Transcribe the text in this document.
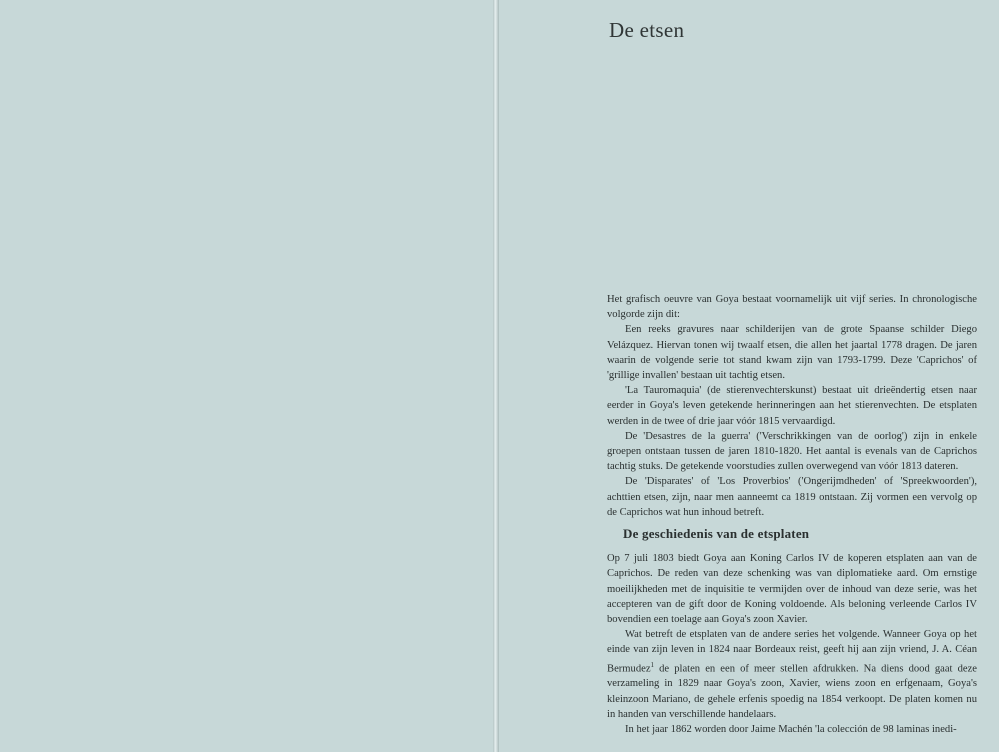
De etsen

Het grafisch oeuvre van Goya bestaat voornamelijk uit vijf series. In chronologische volgorde zijn dit:

Een reeks gravures naar schilderijen van de grote Spaanse schilder Diego Velázquez. Hiervan tonen wij twaalf etsen, die allen het jaartal 1778 dragen. De jaren waarin de volgende serie tot stand kwam zijn van 1793-1799. Deze 'Caprichos' of 'grillige invallen' bestaan uit tachtig etsen.

'La Tauromaquia' (de stierenvechterskunst) bestaat uit drieëndertig etsen naar eerder in Goya's leven getekende herinneringen aan het stierenvechten. De etsplaten werden in de twee of drie jaar vóór 1815 vervaardigd.

De 'Desastres de la guerra' ('Verschrikkingen van de oorlog') zijn in enkele groepen ontstaan tussen de jaren 1810-1820. Het aantal is evenals van de Caprichos tachtig stuks. De getekende voorstudies zullen overwegend van vóór 1813 dateren.

De 'Disparates' of 'Los Proverbios' ('Ongerijmdheden' of 'Spreekwoorden'), achttien etsen, zijn, naar men aanneemt ca 1819 ontstaan. Zij vormen een vervolg op de Caprichos wat hun inhoud betreft.

De geschiedenis van de etsplaten

Op 7 juli 1803 biedt Goya aan Koning Carlos IV de koperen etsplaten aan van de Caprichos. De reden van deze schenking was van diplomatieke aard. Om ernstige moeilijkheden met de inquisitie te vermijden over de inhoud van deze serie, was het accepteren van de gift door de Koning voldoende. Als beloning verleende Carlos IV bovendien een toelage aan Goya's zoon Xavier.

Wat betreft de etsplaten van de andere series het volgende. Wanneer Goya op het einde van zijn leven in 1824 naar Bordeaux reist, geeft hij aan zijn vriend, J. A. Céan Bermudez$^1$ de platen en een of meer stellen afdrukken. Na diens dood gaat deze verzameling in 1829 naar Goya's zoon, Xavier, wiens zoon en erfgenaam, Goya's kleinzoon Mariano, de gehele erfenis spoedig na 1854 verkoopt. De platen komen nu in handen van verschillende handelaars.

In het jaar 1862 worden door Jaime Machén 'la colección de 98 laminas inedi-
